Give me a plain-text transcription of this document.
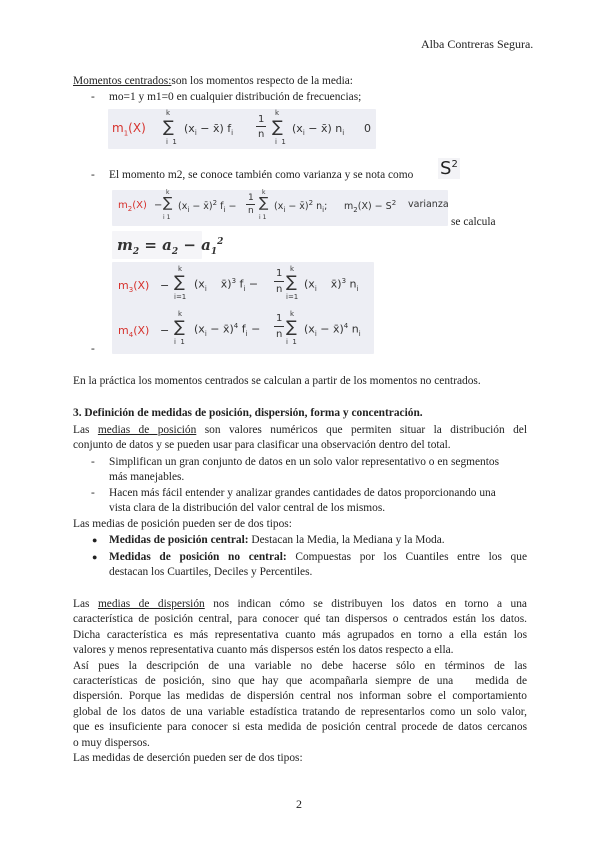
Alba Contreras Segura.
Momentos centrados:son los momentos respecto de la media:
- mo=1 y m1=0 en cualquier distribución de frecuencias;
$m_1(X)$
k
∑
i  1
($x_i$ − x̄) $f_i$
1
n
k
∑
i  1
($x_i$ − x̄) $n_i$ 0
- El momento m2, se conoce también como varianza y se nota como $S^2$
$m_2(X)$ −
k
∑
i 1
($x_i$ − x̄)$^2$ $f_i$ −
1
n
k
∑
i 1
($x_i$ − x̄)$^2$ $n_i$; $m_2(X) - S^2$ varianza
se calcula
$m_2 = a_2 - a_1^2$
$m_3(X)$ −
k
∑
i=1
($x_i$    x̄)$^3$ $f_i$ −
1
n
k
∑
i=1
($x_i$    x̄)$^3$ $n_i$
$m_4(X)$ −
k
∑
i  1
($x_i$ − x̄)$^4$ $f_i$ −
1
n
k
∑
i  1
($x_i$ − x̄)$^4$ $n_i$
-
En la práctica los momentos centrados se calculan a partir de los momentos no centrados.
3. Definición de medidas de posición, dispersión, forma y concentración.
Las medias de posición son valores numéricos que permiten situar la distribución del
conjunto de datos y se pueden usar para clasificar una observación dentro del total.
- Simplifican un gran conjunto de datos en un solo valor representativo o en segmentos
más manejables.
- Hacen más fácil entender y analizar grandes cantidades de datos proporcionando una
vista clara de la distribución del valor central de los mismos.
Las medias de posición pueden ser de dos tipos:
● Medidas de posición central: Destacan la Media, la Mediana y la Moda.
● Medidas de posición no central: Compuestas por los Cuantiles entre los que
destacan los Cuartiles, Deciles y Percentiles.
Las medias de dispersión nos indican cómo se distribuyen los datos en torno a una
característica de posición central, para conocer qué tan dispersos o centrados están los datos.
Dicha característica es más representativa cuanto más agrupados en torno a ella están los
valores y menos representativa cuanto más dispersos estén los datos respecto a ella.
Así pues la descripción de una variable no debe hacerse sólo en términos de las
características de posición, sino que hay que acompañarla siempre de una   medida de
dispersión. Porque las medidas de dispersión central nos informan sobre el comportamiento
global de los datos de una variable estadística tratando de representarlos como un solo valor,
que es insuficiente para conocer si esta medida de posición central procede de datos cercanos
o muy dispersos.
Las medidas de deserción pueden ser de dos tipos:
2
